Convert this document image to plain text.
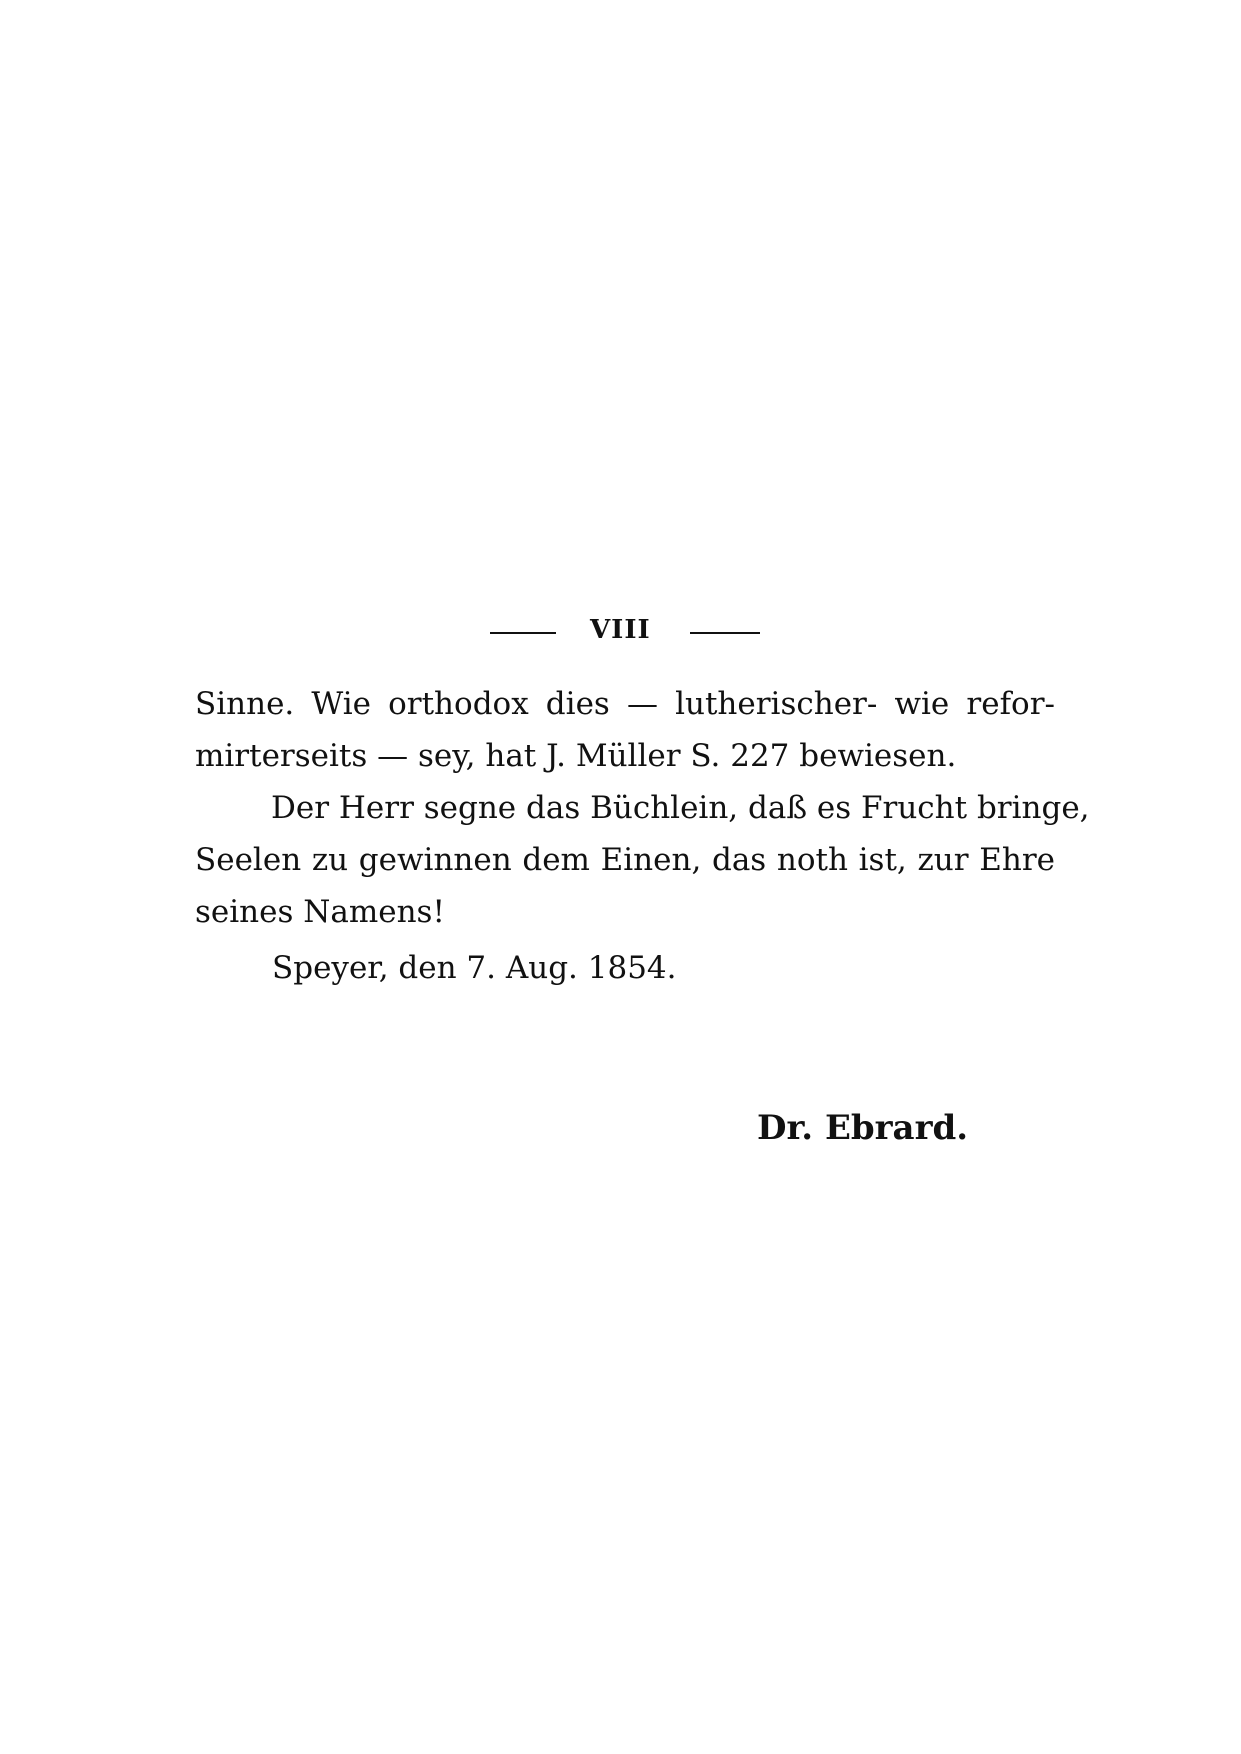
VIII
Sinne. Wie orthodox dies — lutherischer- wie refor-
mirterseits — sey, hat J. Müller S. 227 bewiesen.
Der Herr segne das Büchlein, daß es Frucht bringe,
Seelen zu gewinnen dem Einen, das noth ist, zur Ehre
seines Namens!
Speyer, den 7. Aug. 1854.
Dr. Ebrard.
